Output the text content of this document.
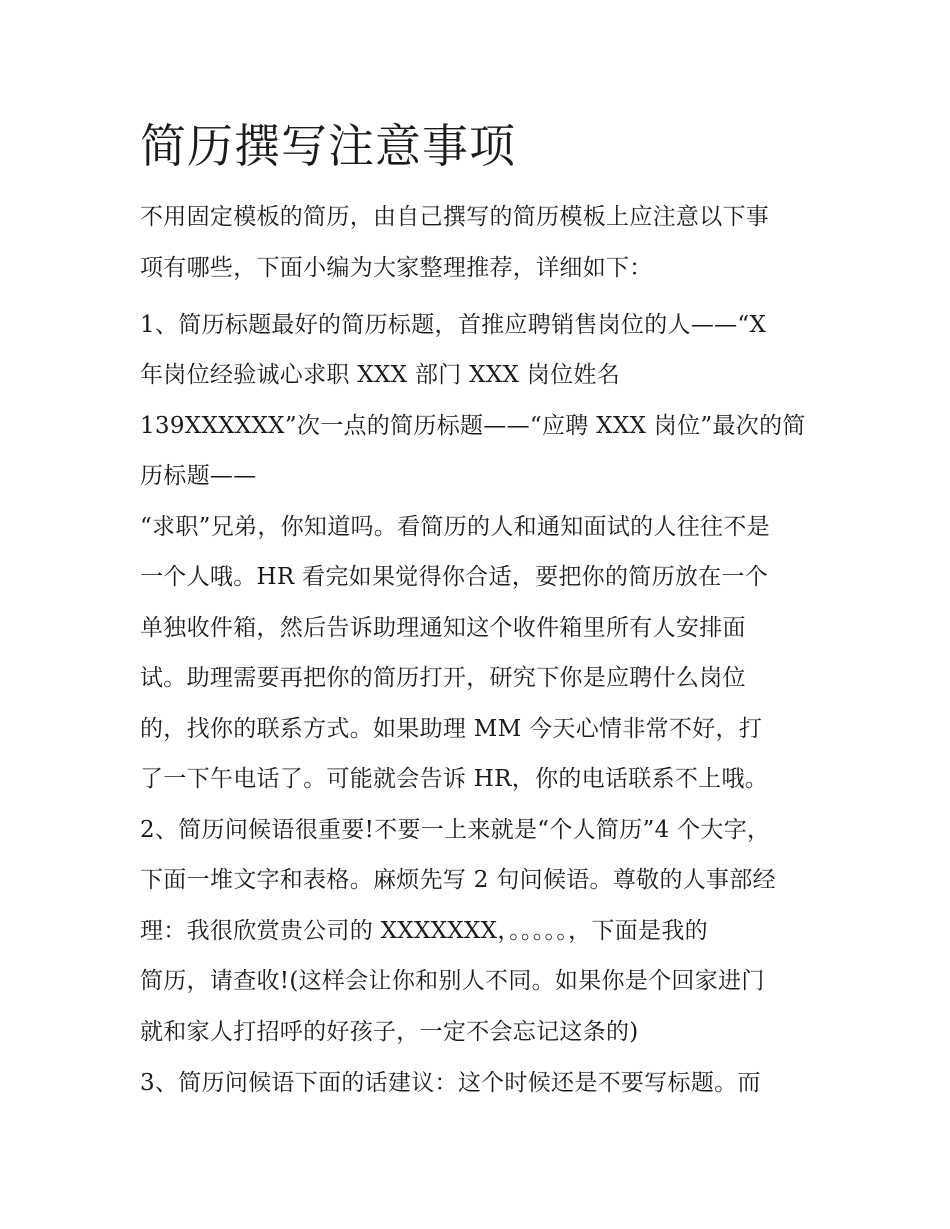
简历撰写注意事项

不用固定模板的简历，由自己撰写的简历模板上应注意以下事

项有哪些，下面小编为大家整理推荐，详细如下：

1、简历标题最好的简历标题，首推应聘销售岗位的人——“X

年岗位经验诚心求职 XXX 部门 XXX 岗位姓名

139XXXXXX”次一点的简历标题——“应聘 XXX 岗位”最次的简

历标题——

“求职”兄弟，你知道吗。看简历的人和通知面试的人往往不是

一个人哦。HR 看完如果觉得你合适，要把你的简历放在一个

单独收件箱，然后告诉助理通知这个收件箱里所有人安排面

试。助理需要再把你的简历打开，研究下你是应聘什么岗位

的，找你的联系方式。如果助理 MM 今天心情非常不好，打

了一下午电话了。可能就会告诉 HR，你的电话联系不上哦。

2、简历问候语很重要!不要一上来就是“个人简历”4 个大字，

下面一堆文字和表格。麻烦先写 2 句问候语。尊敬的人事部经

理：我很欣赏贵公司的 XXXXXXX，。。。。。，下面是我的

简历，请查收!(这样会让你和别人不同。如果你是个回家进门

就和家人打招呼的好孩子，一定不会忘记这条的)

3、简历问候语下面的话建议：这个时候还是不要写标题。而
